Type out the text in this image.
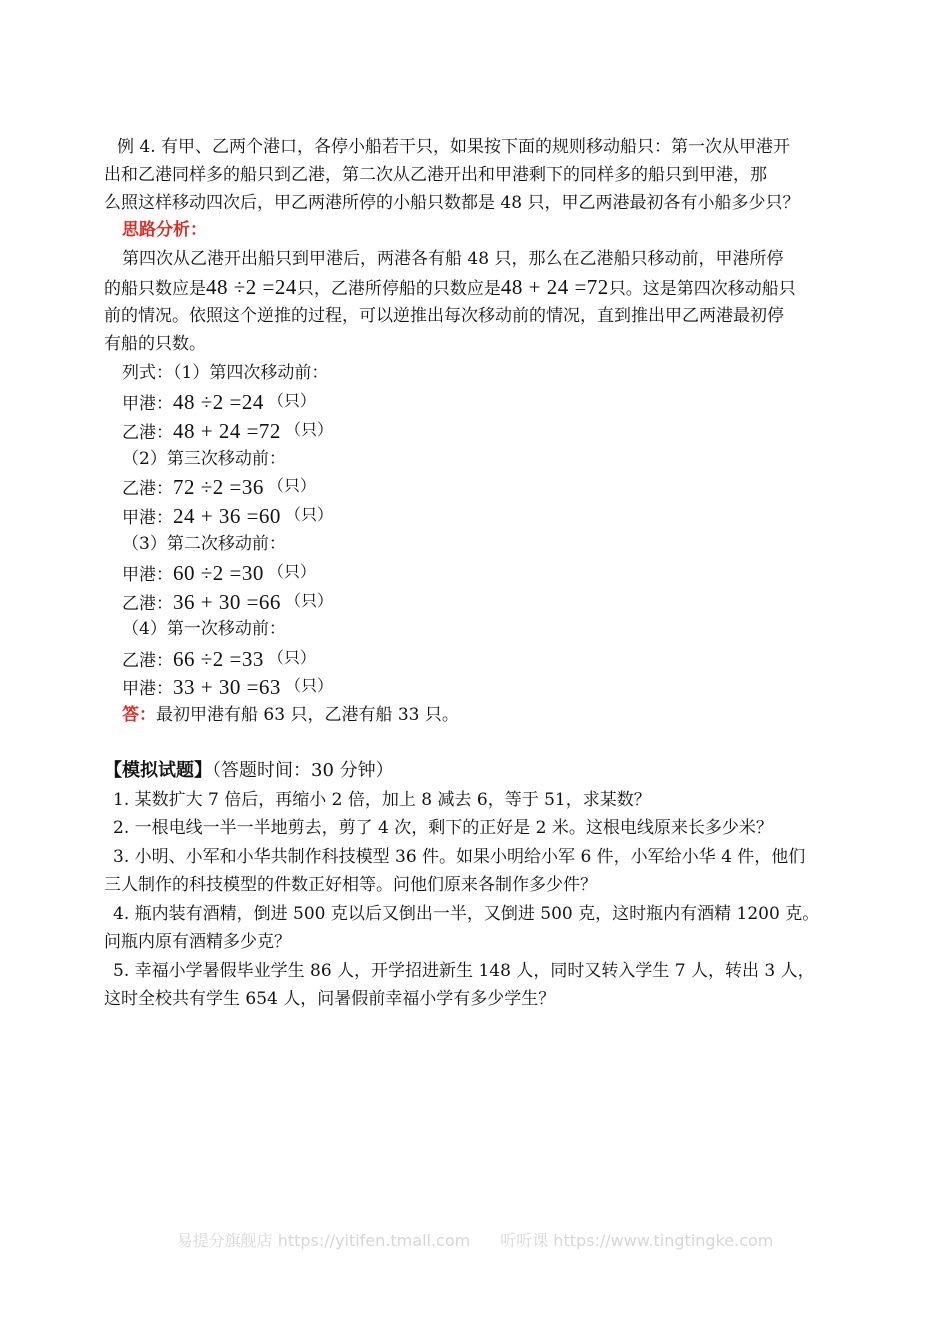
例 4. 有甲、乙两个港口，各停小船若干只，如果按下面的规则移动船只：第一次从甲港开
出和乙港同样多的船只到乙港，第二次从乙港开出和甲港剩下的同样多的船只到甲港，那
么照这样移动四次后，甲乙两港所停的小船只数都是 48 只，甲乙两港最初各有小船多少只？
思路分析：
第四次从乙港开出船只到甲港后，两港各有船 48 只，那么在乙港船只移动前，甲港所停
的船只数应是48 ÷2 =24只，乙港所停船的只数应是48 + 24 =72只。这是第四次移动船只
前的情况。依照这个逆推的过程，可以逆推出每次移动前的情况，直到推出甲乙两港最初停
有船的只数。
列式：（1）第四次移动前：
甲港：48 ÷2 =24 （只）
乙港：48 + 24 =72 （只）
（2）第三次移动前：
乙港：72 ÷2 =36 （只）
甲港：24 + 36 =60 （只）
（3）第二次移动前：
甲港：60 ÷2 =30 （只）
乙港：36 + 30 =66 （只）
（4）第一次移动前：
乙港：66 ÷2 =33 （只）
甲港：33 + 30 =63 （只）
答：最初甲港有船 63 只，乙港有船 33 只。
【模拟试题】（答题时间：30 分钟）
1. 某数扩大 7 倍后，再缩小 2 倍，加上 8 减去 6，等于 51，求某数？
2. 一根电线一半一半地剪去，剪了 4 次，剩下的正好是 2 米。这根电线原来长多少米？
3. 小明、小军和小华共制作科技模型 36 件。如果小明给小军 6 件，小军给小华 4 件，他们
三人制作的科技模型的件数正好相等。问他们原来各制作多少件？
4. 瓶内装有酒精，倒进 500 克以后又倒出一半，又倒进 500 克，这时瓶内有酒精 1200 克。
问瓶内原有酒精多少克？
5. 幸福小学暑假毕业学生 86 人，开学招进新生 148 人，同时又转入学生 7 人，转出 3 人，
这时全校共有学生 654 人，问暑假前幸福小学有多少学生？
易提分旗舰店 https://yitifen.tmall.com 听听课 https://www.tingtingke.com
